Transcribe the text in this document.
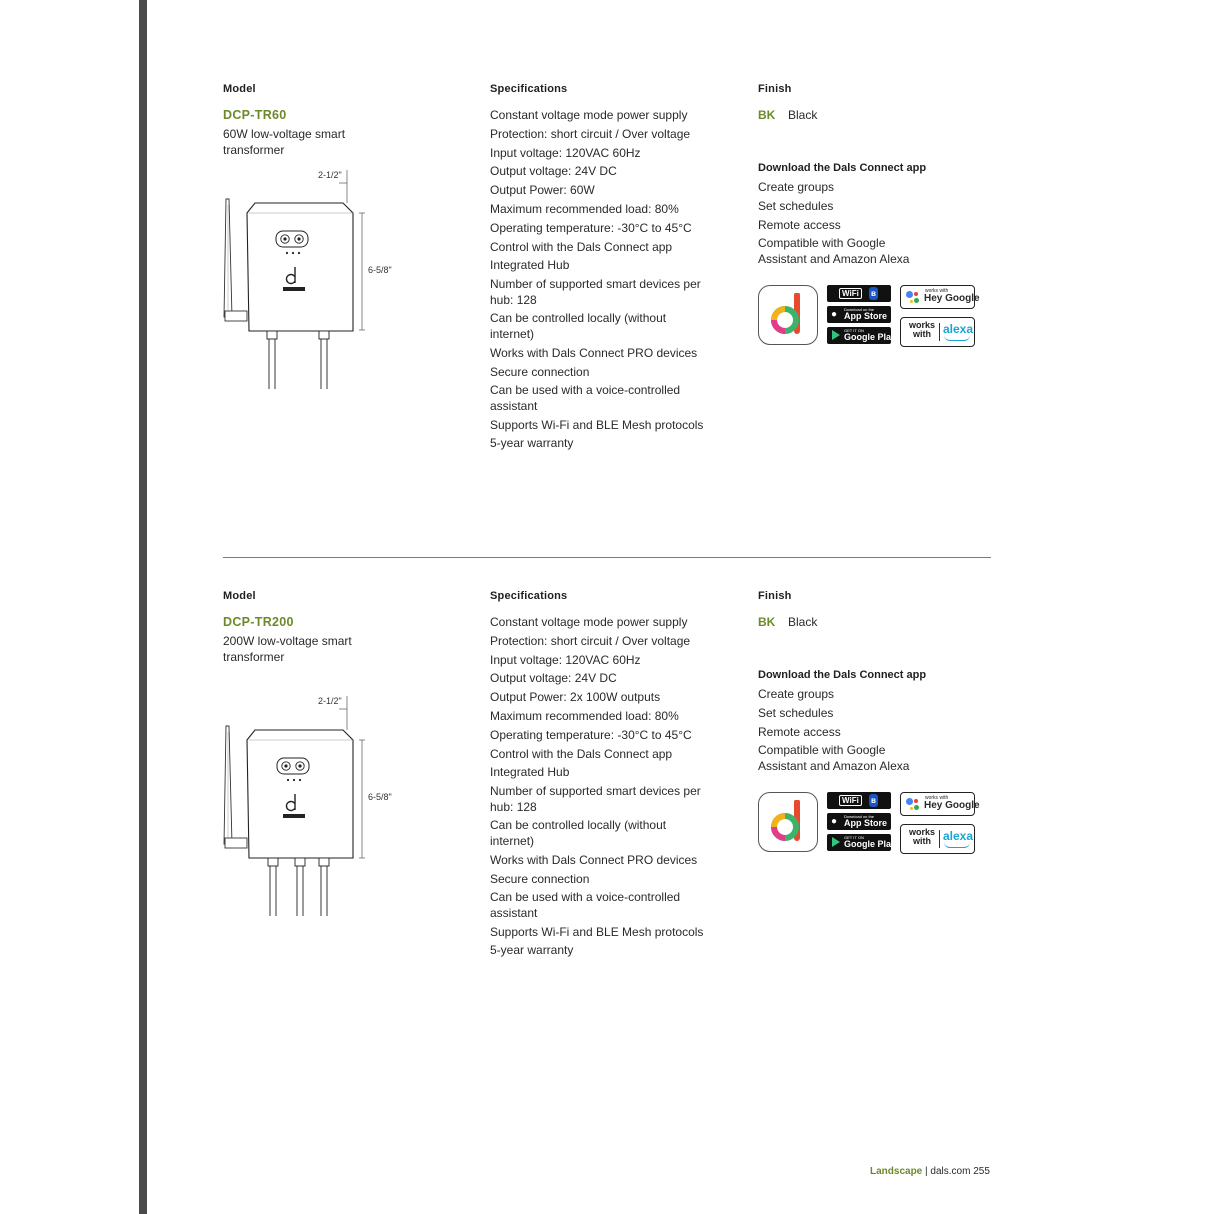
Model
DCP-TR60
60W low-voltage smart transformer
2-1/2"
6-5/8"
Specifications
Constant voltage mode power supply
Protection: short circuit / Over voltage
Input voltage: 120VAC 60Hz
Output voltage: 24V DC
Output Power: 60W
Maximum recommended load: 80%
Operating temperature: -30°C to 45°C
Control with the Dals Connect app
Integrated Hub
Number of supported smart devices per hub: 128
Can be controlled locally (without internet)
Works with Dals Connect PRO devices
Secure connection
Can be used with a voice-controlled assistant
Supports Wi-Fi and BLE Mesh protocols
5-year warranty
Finish
BK Black
Download the Dals Connect app
Create groups
Set schedules
Remote access
Compatible with Google Assistant and Amazon Alexa
WiFi	ʙ
● Download on the
App Store
GET IT ON
Google Play
works with
Hey Google
works with	alexa
Model
DCP-TR200
200W low-voltage smart transformer
2-1/2"
6-5/8"
Specifications
Constant voltage mode power supply
Protection: short circuit / Over voltage
Input voltage: 120VAC 60Hz
Output voltage: 24V DC
Output Power: 2x 100W outputs
Maximum recommended load: 80%
Operating temperature: -30°C to 45°C
Control with the Dals Connect app
Integrated Hub
Number of supported smart devices per hub: 128
Can be controlled locally (without internet)
Works with Dals Connect PRO devices
Secure connection
Can be used with a voice-controlled assistant
Supports Wi-Fi and BLE Mesh protocols
5-year warranty
Finish
BK Black
Download the Dals Connect app
Create groups
Set schedules
Remote access
Compatible with Google Assistant and Amazon Alexa
WiFi	ʙ
● Download on the
App Store
GET IT ON
Google Play
works with
Hey Google
works with	alexa
Landscape | dals.com 255
